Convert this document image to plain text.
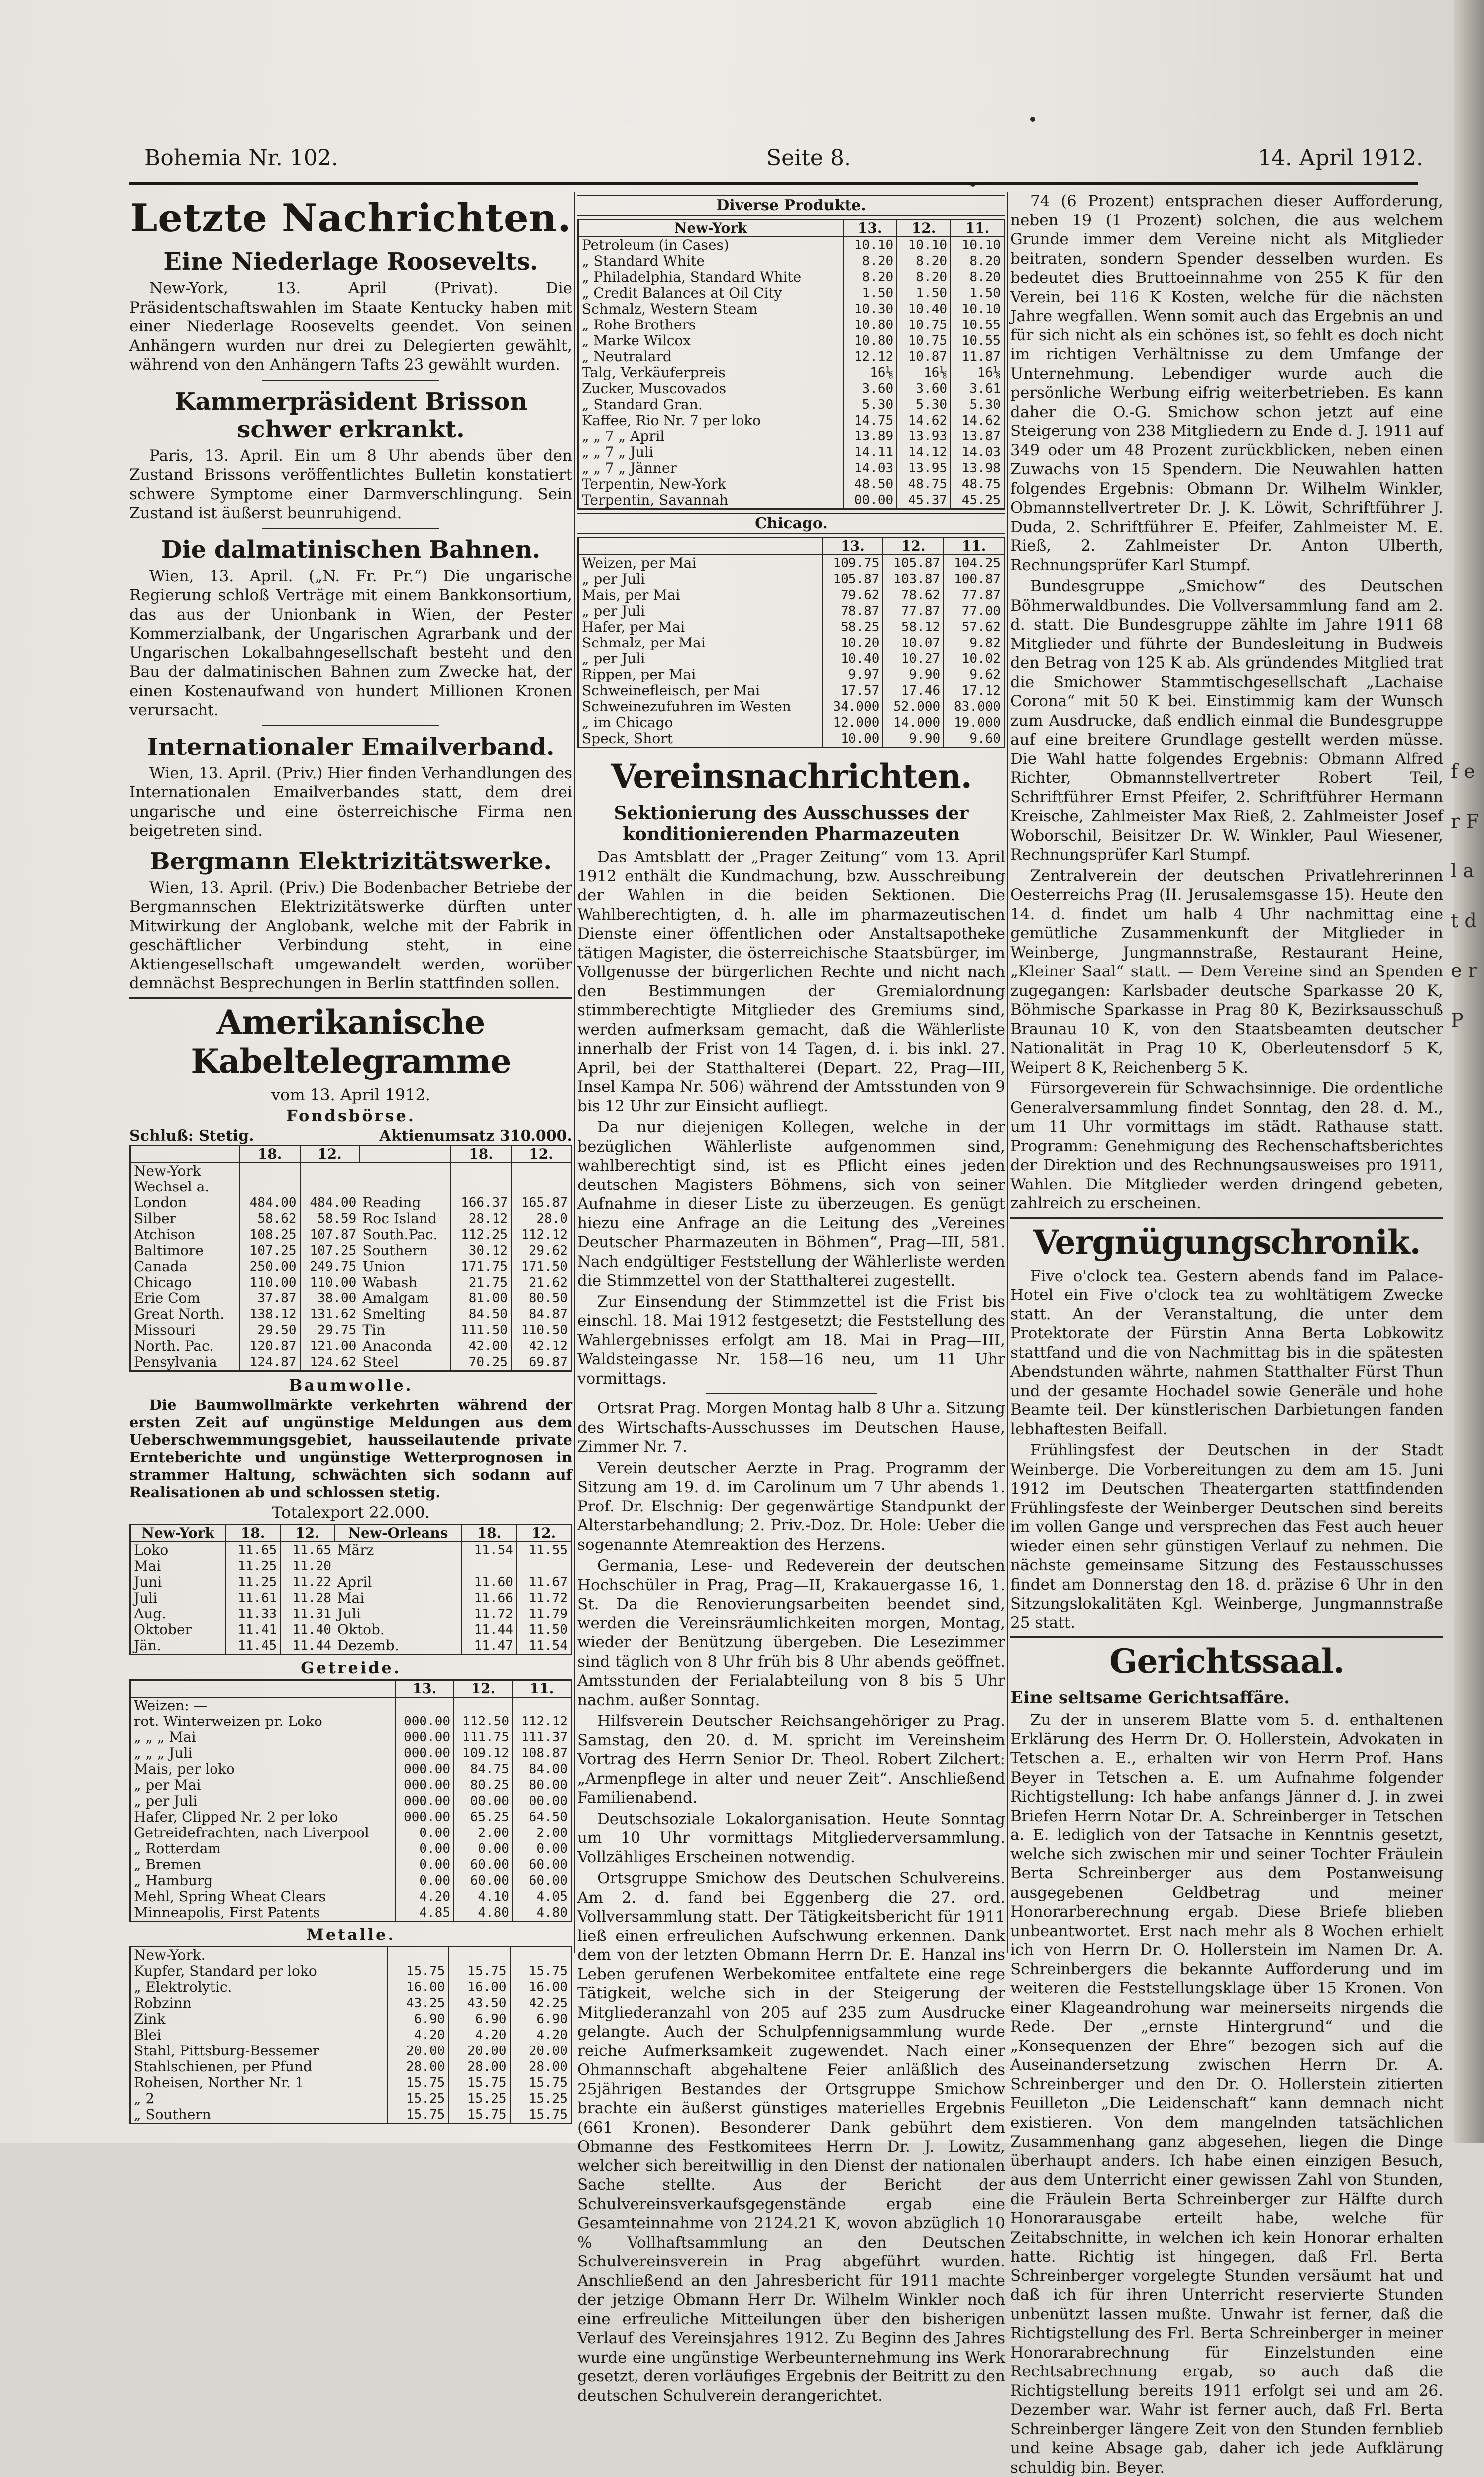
f e r F l a t d e r P
Bohemia Nr. 102.	Seite 8.	14. April 1912.
Letzte Nachrichten.
Eine Niederlage Roosevelts.

New-York, 13. April (Privat). Die Präsidentschaftswahlen im Staate Kentucky haben mit einer Niederlage Roosevelts geendet. Von seinen Anhängern wurden nur drei zu Delegierten gewählt, während von den Anhängern Tafts 23 gewählt wurden.

Kammerpräsident Brisson schwer erkrankt.

Paris, 13. April. Ein um 8 Uhr abends über den Zustand Brissons veröffentlichtes Bulletin konstatiert schwere Symptome einer Darmverschlingung. Sein Zustand ist äußerst beunruhigend.

Die dalmatinischen Bahnen.

Wien, 13. April. („N. Fr. Pr.“) Die ungarische Regierung schloß Verträge mit einem Bankkonsortium, das aus der Unionbank in Wien, der Pester Kommerzialbank, der Ungarischen Agrarbank und der Ungarischen Lokalbahngesellschaft besteht und den Bau der dalmatinischen Bahnen zum Zwecke hat, der einen Kostenaufwand von hundert Millionen Kronen verursacht.

Internationaler Emailverband.

Wien, 13. April. (Priv.) Hier finden Verhandlungen des Internationalen Emailverbandes statt, dem drei ungarische und eine österreichische Firma nen beigetreten sind.

Bergmann Elektrizitätswerke.

Wien, 13. April. (Priv.) Die Bodenbacher Betriebe der Bergmannschen Elektrizitätswerke dürften unter Mitwirkung der Anglobank, welche mit der Fabrik in geschäftlicher Verbindung steht, in eine Aktiengesellschaft umgewandelt werden, worüber demnächst Besprechungen in Berlin stattfinden sollen.

Amerikanische Kabeltelegramme
vom 13. April 1912.
Fondsbörse.
Schluß: Stetig.	Aktienumsatz 310.000.
	18.	12.		18.	12.
New-York					
Wechsel a.					
London	484.00	484.00	Reading	166.37	165.87
Silber	58.62	58.59	Roc Island	28.12	28.0
Atchison	108.25	107.87	South.Pac.	112.25	112.12
Baltimore	107.25	107.25	Southern	30.12	29.62
Canada	250.00	249.75	Union	171.75	171.50
Chicago	110.00	110.00	Wabash	21.75	21.62
Erie Com	37.87	38.00	Amalgam	81.00	80.50
Great North.	138.12	131.62	Smelting	84.50	84.87
Missouri	29.50	29.75	Tin	111.50	110.50
North. Pac.	120.87	121.00	Anaconda	42.00	42.12
Pensylvania	124.87	124.62	Steel	70.25	69.87
Baumwolle.

Die Baumwollmärkte verkehrten während der ersten Zeit auf ungünstige Meldungen aus dem Ueberschwemmungsgebiet, hausseilautende private Ernteberichte und ungünstige Wetterprognosen in strammer Haltung, schwächten sich sodann auf Realisationen ab und schlossen stetig.

Totalexport 22.000.
New-York	18.	12.	New-Orleans	18.	12.
Loko	11.65	11.65	März	11.54	11.55
Mai	11.25	11.20			
Juni	11.25	11.22	April	11.60	11.67
Juli	11.61	11.28	Mai	11.66	11.72
Aug.	11.33	11.31	Juli	11.72	11.79
Oktober	11.41	11.40	Oktob.	11.44	11.50
Jän.	11.45	11.44	Dezemb.	11.47	11.54
Getreide.
	13.	12.	11.
Weizen: —			
rot. Winterweizen pr. Loko	000.00	112.50	112.12
„ „ „ Mai	000.00	111.75	111.37
„ „ „ Juli	000.00	109.12	108.87
Mais, per loko	000.00	84.75	84.00
„ per Mai	000.00	80.25	80.00
„ per Juli	000.00	00.00	00.00
Hafer, Clipped Nr. 2 per loko	000.00	65.25	64.50
Getreidefrachten, nach Liverpool	0.00	2.00	2.00
„ Rotterdam	0.00	0.00	0.00
„ Bremen	0.00	60.00	60.00
„ Hamburg	0.00	60.00	60.00
Mehl, Spring Wheat Clears	4.20	4.10	4.05
Minneapolis, First Patents	4.85	4.80	4.80
Metalle.
New-York.			
Kupfer, Standard per loko	15.75	15.75	15.75
„ Elektrolytic.	16.00	16.00	16.00
Robzinn	43.25	43.50	42.25
Zink	6.90	6.90	6.90
Blei	4.20	4.20	4.20
Stahl, Pittsburg-Bessemer	20.00	20.00	20.00
Stahlschienen, per Pfund	28.00	28.00	28.00
Roheisen, Norther Nr. 1	15.75	15.75	15.75
„ 2	15.25	15.25	15.25
„ Southern	15.75	15.75	15.75
Diverse Produkte.
New-York	13.	12.	11.
Petroleum (in Cases)	10.10	10.10	10.10
„ Standard White	8.20	8.20	8.20
„ Philadelphia, Standard White	8.20	8.20	8.20
„ Credit Balances at Oil City	1.50	1.50	1.50
Schmalz, Western Steam	10.30	10.40	10.10
„ Rohe Brothers	10.80	10.75	10.55
„ Marke Wilcox	10.80	10.75	10.55
„ Neutralard	12.12	10.87	11.87
Talg, Verkäuferpreis	16⅛	16⅛	16⅛
Zucker, Muscovados	3.60	3.60	3.61
„ Standard Gran.	5.30	5.30	5.30
Kaffee, Rio Nr. 7 per loko	14.75	14.62	14.62
„ „ 7 „ April	13.89	13.93	13.87
„ „ 7 „ Juli	14.11	14.12	14.03
„ „ 7 „ Jänner	14.03	13.95	13.98
Terpentin, New-York	48.50	48.75	48.75
Terpentin, Savannah	00.00	45.37	45.25
Chicago.
	13.	12.	11.
Weizen, per Mai	109.75	105.87	104.25
„ per Juli	105.87	103.87	100.87
Mais, per Mai	79.62	78.62	77.87
„ per Juli	78.87	77.87	77.00
Hafer, per Mai	58.25	58.12	57.62
Schmalz, per Mai	10.20	10.07	9.82
„ per Juli	10.40	10.27	10.02
Rippen, per Mai	9.97	9.90	9.62
Schweinefleisch, per Mai	17.57	17.46	17.12
Schweinezufuhren im Westen	34.000	52.000	83.000
„ im Chicago	12.000	14.000	19.000
Speck, Short	10.00	9.90	9.60
Vereinsnachrichten.
Sektionierung des Ausschusses der konditionierenden Pharmazeuten

Das Amtsblatt der „Prager Zeitung“ vom 13. April 1912 enthält die Kundmachung, bzw. Ausschreibung der Wahlen in die beiden Sektionen. Die Wahlberechtigten, d. h. alle im pharmazeutischen Dienste einer öffentlichen oder Anstaltsapotheke tätigen Magister, die österreichische Staatsbürger, im Vollgenusse der bürgerlichen Rechte und nicht nach den Bestimmungen der Gremialordnung stimmberechtigte Mitglieder des Gremiums sind, werden aufmerksam gemacht, daß die Wählerliste innerhalb der Frist von 14 Tagen, d. i. bis inkl. 27. April, bei der Statthalterei (Depart. 22, Prag—III, Insel Kampa Nr. 506) während der Amtsstunden von 9 bis 12 Uhr zur Einsicht aufliegt.

Da nur diejenigen Kollegen, welche in der bezüglichen Wählerliste aufgenommen sind, wahlberechtigt sind, ist es Pflicht eines jeden deutschen Magisters Böhmens, sich von seiner Aufnahme in dieser Liste zu überzeugen. Es genügt hiezu eine Anfrage an die Leitung des „Vereines Deutscher Pharmazeuten in Böhmen“, Prag—III, 581. Nach endgültiger Feststellung der Wählerliste werden die Stimmzettel von der Statthalterei zugestellt.

Zur Einsendung der Stimmzettel ist die Frist bis einschl. 18. Mai 1912 festgesetzt; die Feststellung des Wahlergebnisses erfolgt am 18. Mai in Prag—III, Waldsteingasse Nr. 158—16 neu, um 11 Uhr vormittags.

Ortsrat Prag. Morgen Montag halb 8 Uhr a. Sitzung des Wirtschafts-Ausschusses im Deutschen Hause, Zimmer Nr. 7.

Verein deutscher Aerzte in Prag. Programm der Sitzung am 19. d. im Carolinum um 7 Uhr abends 1. Prof. Dr. Elschnig: Der gegenwärtige Standpunkt der Alterstarbehandlung; 2. Priv.-Doz. Dr. Hole: Ueber die sogenannte Atemreaktion des Herzens.

Germania, Lese- und Redeverein der deutschen Hochschüler in Prag, Prag—II, Krakauergasse 16, 1. St. Da die Renovierungsarbeiten beendet sind, werden die Vereinsräumlichkeiten morgen, Montag, wieder der Benützung übergeben. Die Lesezimmer sind täglich von 8 Uhr früh bis 8 Uhr abends geöffnet. Amtsstunden der Ferialabteilung von 8 bis 5 Uhr nachm. außer Sonntag.

Hilfsverein Deutscher Reichsangehöriger zu Prag. Samstag, den 20. d. M. spricht im Vereinsheim Vortrag des Herrn Senior Dr. Theol. Robert Zilchert: „Armenpflege in alter und neuer Zeit“. Anschließend Familienabend.

Deutschsoziale Lokalorganisation. Heute Sonntag um 10 Uhr vormittags Mitgliederversammlung. Vollzähliges Erscheinen notwendig.

Ortsgruppe Smichow des Deutschen Schulvereins. Am 2. d. fand bei Eggenberg die 27. ord. Vollversammlung statt. Der Tätigkeitsbericht für 1911 ließ einen erfreulichen Aufschwung erkennen. Dank dem von der letzten Obmann Herrn Dr. E. Hanzal ins Leben gerufenen Werbekomitee entfaltete eine rege Tätigkeit, welche sich in der Steigerung der Mitgliederanzahl von 205 auf 235 zum Ausdrucke gelangte. Auch der Schulpfennigsammlung wurde reiche Aufmerksamkeit zugewendet. Nach einer Ohmannschaft abgehaltene Feier anläßlich des 25jährigen Bestandes der Ortsgruppe Smichow brachte ein äußerst günstiges materielles Ergebnis (661 Kronen). Besonderer Dank gebührt dem Obmanne des Festkomitees Herrn Dr. J. Lowitz, welcher sich bereitwillig in den Dienst der nationalen Sache stellte. Aus der Bericht der Schulvereinsverkaufsgegenstände ergab eine Gesamteinnahme von 2124.21 K, wovon abzüglich 10 % Vollhaftsammlung an den Deutschen Schulvereinsverein in Prag abgeführt wurden. Anschließend an den Jahresbericht für 1911 machte der jetzige Obmann Herr Dr. Wilhelm Winkler noch eine erfreuliche Mitteilungen über den bisherigen Verlauf des Vereinsjahres 1912. Zu Beginn des Jahres wurde eine ungünstige Werbeunternehmung ins Werk gesetzt, deren vorläufiges Ergebnis der Beitritt zu den deutschen Schulverein derangerichtet.

74 (6 Prozent) entsprachen dieser Aufforderung, neben 19 (1 Prozent) solchen, die aus welchem Grunde immer dem Vereine nicht als Mitglieder beitraten, sondern Spender desselben wurden. Es bedeutet dies Bruttoeinnahme von 255 K für den Verein, bei 116 K Kosten, welche für die nächsten Jahre wegfallen. Wenn somit auch das Ergebnis an und für sich nicht als ein schönes ist, so fehlt es doch nicht im richtigen Verhältnisse zu dem Umfange der Unternehmung. Lebendiger wurde auch die persönliche Werbung eifrig weiterbetrieben. Es kann daher die O.-G. Smichow schon jetzt auf eine Steigerung von 238 Mitgliedern zu Ende d. J. 1911 auf 349 oder um 48 Prozent zurückblicken, neben einen Zuwachs von 15 Spendern. Die Neuwahlen hatten folgendes Ergebnis: Obmann Dr. Wilhelm Winkler, Obmannstellvertreter Dr. J. K. Löwit, Schriftführer J. Duda, 2. Schriftführer E. Pfeifer, Zahlmeister M. E. Rieß, 2. Zahlmeister Dr. Anton Ulberth, Rechnungsprüfer Karl Stumpf.

Bundesgruppe „Smichow“ des Deutschen Böhmerwaldbundes. Die Vollversammlung fand am 2. d. statt. Die Bundesgruppe zählte im Jahre 1911 68 Mitglieder und führte der Bundesleitung in Budweis den Betrag von 125 K ab. Als gründendes Mitglied trat die Smichower Stammtischgesellschaft „Lachaise Corona“ mit 50 K bei. Einstimmig kam der Wunsch zum Ausdrucke, daß endlich einmal die Bundesgruppe auf eine breitere Grundlage gestellt werden müsse. Die Wahl hatte folgendes Ergebnis: Obmann Alfred Richter, Obmannstellvertreter Robert Teil, Schriftführer Ernst Pfeifer, 2. Schriftführer Hermann Kreische, Zahlmeister Max Rieß, 2. Zahlmeister Josef Woborschil, Beisitzer Dr. W. Winkler, Paul Wiesener, Rechnungsprüfer Karl Stumpf.

Zentralverein der deutschen Privatlehrerinnen Oesterreichs Prag (II. Jerusalemsgasse 15). Heute den 14. d. findet um halb 4 Uhr nachmittag eine gemütliche Zusammenkunft der Mitglieder in Weinberge, Jungmannstraße, Restaurant Heine, „Kleiner Saal“ statt. — Dem Vereine sind an Spenden zugegangen: Karlsbader deutsche Sparkasse 20 K, Böhmische Sparkasse in Prag 80 K, Bezirksausschuß Braunau 10 K, von den Staatsbeamten deutscher Nationalität in Prag 10 K, Oberleutensdorf 5 K, Weipert 8 K, Reichenberg 5 K.

Fürsorgeverein für Schwachsinnige. Die ordentliche Generalversammlung findet Sonntag, den 28. d. M., um 11 Uhr vormittags im städt. Rathause statt. Programm: Genehmigung des Rechenschaftsberichtes der Direktion und des Rechnungsausweises pro 1911, Wahlen. Die Mitglieder werden dringend gebeten, zahlreich zu erscheinen.

Vergnügungschronik.

Five o'clock tea. Gestern abends fand im Palace-Hotel ein Five o'clock tea zu wohltätigem Zwecke statt. An der Veranstaltung, die unter dem Protektorate der Fürstin Anna Berta Lobkowitz stattfand und die von Nachmittag bis in die spätesten Abendstunden währte, nahmen Statthalter Fürst Thun und der gesamte Hochadel sowie Generäle und hohe Beamte teil. Der künstlerischen Darbietungen fanden lebhaftesten Beifall.

Frühlingsfest der Deutschen in der Stadt Weinberge. Die Vorbereitungen zu dem am 15. Juni 1912 im Deutschen Theatergarten stattfindenden Frühlingsfeste der Weinberger Deutschen sind bereits im vollen Gange und versprechen das Fest auch heuer wieder einen sehr günstigen Verlauf zu nehmen. Die nächste gemeinsame Sitzung des Festausschusses findet am Donnerstag den 18. d. präzise 6 Uhr in den Sitzungslokalitäten Kgl. Weinberge, Jungmannstraße 25 statt.

Gerichtssaal.
Eine seltsame Gerichtsaffäre.

Zu der in unserem Blatte vom 5. d. enthaltenen Erklärung des Herrn Dr. O. Hollerstein, Advokaten in Tetschen a. E., erhalten wir von Herrn Prof. Hans Beyer in Tetschen a. E. um Aufnahme folgender Richtigstellung: Ich habe anfangs Jänner d. J. in zwei Briefen Herrn Notar Dr. A. Schreinberger in Tetschen a. E. lediglich von der Tatsache in Kenntnis gesetzt, welche sich zwischen mir und seiner Tochter Fräulein Berta Schreinberger aus dem Postanweisung ausgegebenen Geldbetrag und meiner Honorarberechnung ergab. Diese Briefe blieben unbeantwortet. Erst nach mehr als 8 Wochen erhielt ich von Herrn Dr. O. Hollerstein im Namen Dr. A. Schreinbergers die bekannte Aufforderung und im weiteren die Feststellungsklage über 15 Kronen. Von einer Klageandrohung war meinerseits nirgends die Rede. Der „ernste Hintergrund“ und die „Konsequenzen der Ehre“ bezogen sich auf die Auseinandersetzung zwischen Herrn Dr. A. Schreinberger und den Dr. O. Hollerstein zitierten Feuilleton „Die Leidenschaft“ kann demnach nicht existieren. Von dem mangelnden tatsächlichen Zusammenhang ganz abgesehen, liegen die Dinge überhaupt anders. Ich habe einen einzigen Besuch, aus dem Unterricht einer gewissen Zahl von Stunden, die Fräulein Berta Schreinberger zur Hälfte durch Honorarausgabe erteilt habe, welche für Zeitabschnitte, in welchen ich kein Honorar erhalten hatte. Richtig ist hingegen, daß Frl. Berta Schreinberger vorgelegte Stunden versäumt hat und daß ich für ihren Unterricht reservierte Stunden unbenützt lassen mußte. Unwahr ist ferner, daß die Richtigstellung des Frl. Berta Schreinberger in meiner Honorarabrechnung für Einzelstunden eine Rechtsabrechnung ergab, so auch daß die Richtigstellung bereits 1911 erfolgt sei und am 26. Dezember war. Wahr ist ferner auch, daß Frl. Berta Schreinberger längere Zeit von den Stunden fernblieb und keine Absage gab, daher ich jede Aufklärung schuldig bin. Beyer.
